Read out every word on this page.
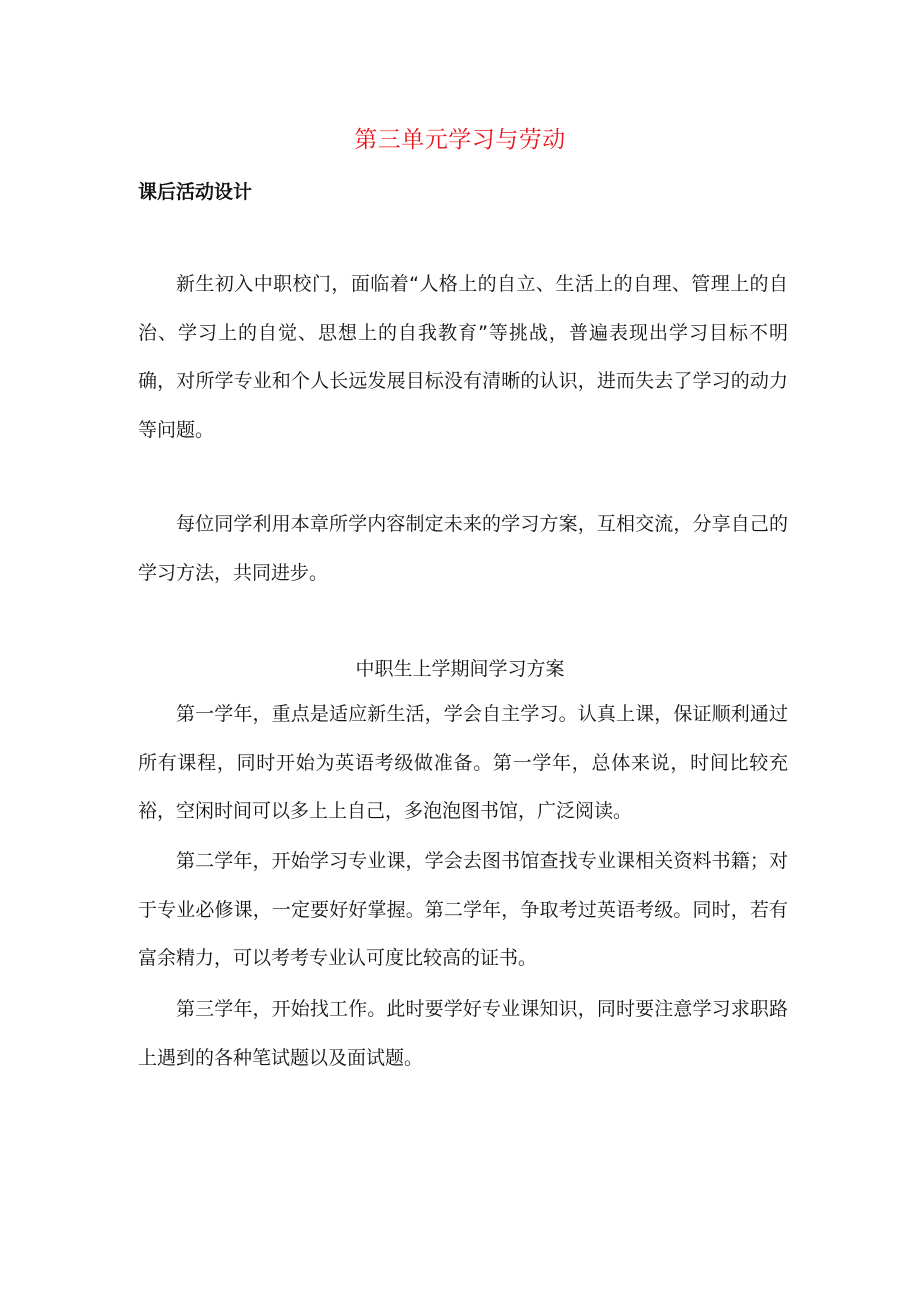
第三单元学习与劳动
课后活动设计

新生初入中职校门，面临着“人格上的自立、生活上的自理、管理上的自治、学习上的自觉、思想上的自我教育”等挑战，普遍表现出学习目标不明确，对所学专业和个人长远发展目标没有清晰的认识，进而失去了学习的动力等问题。

每位同学利用本章所学内容制定未来的学习方案，互相交流，分享自己的学习方法，共同进步。

中职生上学期间学习方案

第一学年，重点是适应新生活，学会自主学习。认真上课，保证顺利通过所有课程，同时开始为英语考级做准备。第一学年，总体来说，时间比较充裕，空闲时间可以多上上自己，多泡泡图书馆，广泛阅读。

第二学年，开始学习专业课，学会去图书馆查找专业课相关资料书籍；对于专业必修课，一定要好好掌握。第二学年，争取考过英语考级。同时，若有富余精力，可以考考专业认可度比较高的证书。

第三学年，开始找工作。此时要学好专业课知识，同时要注意学习求职路上遇到的各种笔试题以及面试题。
